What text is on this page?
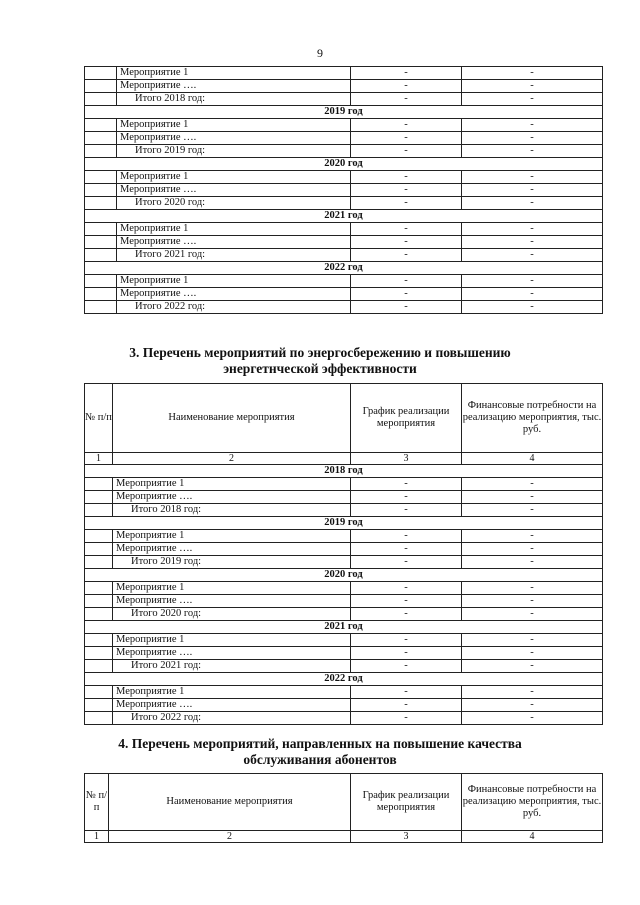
9
	Мероприятие 1	-	-
	Мероприятие ….	-	-
	Итого 2018 год:	-	-
2019 год			
	Мероприятие 1	-	-
	Мероприятие ….	-	-
	Итого 2019 год:	-	-
2020 год			
	Мероприятие 1	-	-
	Мероприятие ….	-	-
	Итого 2020 год:	-	-
2021 год			
	Мероприятие 1	-	-
	Мероприятие ….	-	-
	Итого 2021 год:	-	-
2022 год			
	Мероприятие 1	-	-
	Мероприятие ….	-	-
	Итого 2022 год:	-	-
3. Перечень мероприятий по энергосбережению и повышению
энергетнческой эффективности
№ п/п	Наименование мероприятия	График реализации мероприятия	Финансовые потребности на реализацию мероприятия, тыс. руб.
1	2	3	4
2018 год			
	Мероприятие 1	-	-
	Мероприятие ….	-	-
	Итого 2018 год:	-	-
2019 год			
	Мероприятие 1	-	-
	Мероприятие ….	-	-
	Итого 2019 год:	-	-
2020 год			
	Мероприятие 1	-	-
	Мероприятие ….	-	-
	Итого 2020 год:	-	-
2021 год			
	Мероприятие 1	-	-
	Мероприятие ….	-	-
	Итого 2021 год:	-	-
2022 год			
	Мероприятие 1	-	-
	Мероприятие ….	-	-
	Итого 2022 год:	-	-
4. Перечень мероприятий, направленных на повышение качества
обслуживания абонентов
№ п/п	Наименование мероприятия	График реализации мероприятия	Финансовые потребности на реализацию мероприятия, тыс. руб.
1	2	3	4
